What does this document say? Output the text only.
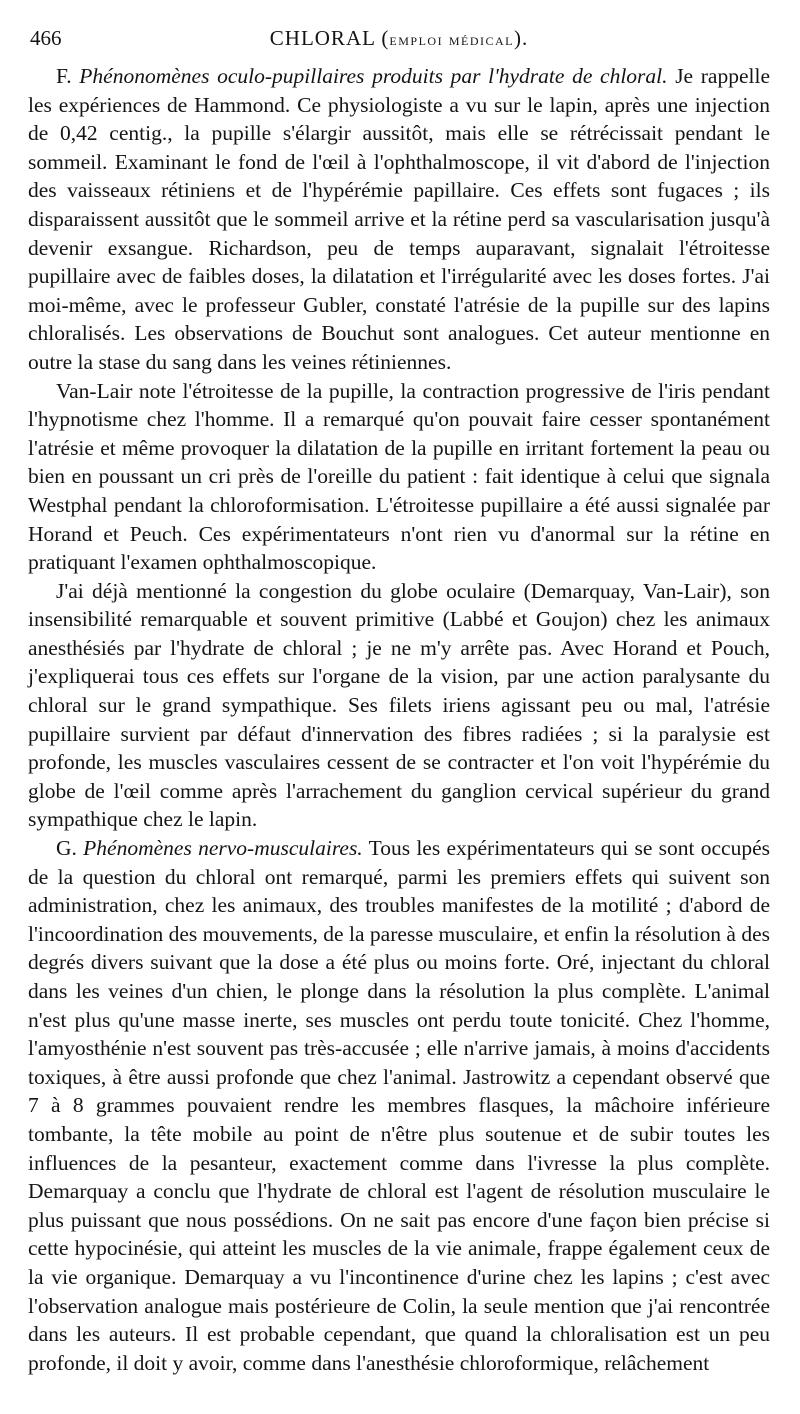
466	CHLORAL (emploi médical).

F. Phénonomènes oculo-pupillaires produits par l'hydrate de chloral. Je rappelle les expériences de Hammond. Ce physiologiste a vu sur le lapin, après une injection de 0,42 centig., la pupille s'élargir aussitôt, mais elle se rétrécissait pendant le sommeil. Examinant le fond de l'œil à l'ophthalmoscope, il vit d'abord de l'injection des vaisseaux rétiniens et de l'hypérémie papillaire. Ces effets sont fugaces ; ils disparaissent aussitôt que le sommeil arrive et la rétine perd sa vascularisation jusqu'à devenir exsangue. Richardson, peu de temps auparavant, signalait l'étroitesse pupillaire avec de faibles doses, la dilatation et l'irrégularité avec les doses fortes. J'ai moi-même, avec le professeur Gubler, constaté l'atrésie de la pupille sur des lapins chloralisés. Les observations de Bouchut sont analogues. Cet auteur mentionne en outre la stase du sang dans les veines rétiniennes.

Van-Lair note l'étroitesse de la pupille, la contraction progressive de l'iris pendant l'hypnotisme chez l'homme. Il a remarqué qu'on pouvait faire cesser spontanément l'atrésie et même provoquer la dilatation de la pupille en irritant fortement la peau ou bien en poussant un cri près de l'oreille du patient : fait identique à celui que signala Westphal pendant la chloroformisation. L'étroitesse pupillaire a été aussi signalée par Horand et Peuch. Ces expérimentateurs n'ont rien vu d'anormal sur la rétine en pratiquant l'examen ophthalmoscopique.

J'ai déjà mentionné la congestion du globe oculaire (Demarquay, Van-Lair), son insensibilité remarquable et souvent primitive (Labbé et Goujon) chez les animaux anesthésiés par l'hydrate de chloral ; je ne m'y arrête pas. Avec Horand et Pouch, j'expliquerai tous ces effets sur l'organe de la vision, par une action paralysante du chloral sur le grand sympathique. Ses filets iriens agissant peu ou mal, l'atrésie pupillaire survient par défaut d'innervation des fibres radiées ; si la paralysie est profonde, les muscles vasculaires cessent de se contracter et l'on voit l'hypérémie du globe de l'œil comme après l'arrachement du ganglion cervical supérieur du grand sympathique chez le lapin.

G. Phénomènes nervo-musculaires. Tous les expérimentateurs qui se sont occupés de la question du chloral ont remarqué, parmi les premiers effets qui suivent son administration, chez les animaux, des troubles manifestes de la motilité ; d'abord de l'incoordination des mouvements, de la paresse musculaire, et enfin la résolution à des degrés divers suivant que la dose a été plus ou moins forte. Oré, injectant du chloral dans les veines d'un chien, le plonge dans la résolution la plus complète. L'animal n'est plus qu'une masse inerte, ses muscles ont perdu toute tonicité. Chez l'homme, l'amyosthénie n'est souvent pas très-accusée ; elle n'arrive jamais, à moins d'accidents toxiques, à être aussi profonde que chez l'animal. Jastrowitz a cependant observé que 7 à 8 grammes pouvaient rendre les membres flasques, la mâchoire inférieure tombante, la tête mobile au point de n'être plus soutenue et de subir toutes les influences de la pesanteur, exactement comme dans l'ivresse la plus complète. Demarquay a conclu que l'hydrate de chloral est l'agent de résolution musculaire le plus puissant que nous possédions. On ne sait pas encore d'une façon bien précise si cette hypocinésie, qui atteint les muscles de la vie animale, frappe également ceux de la vie organique. Demarquay a vu l'incontinence d'urine chez les lapins ; c'est avec l'observation analogue mais postérieure de Colin, la seule mention que j'ai rencontrée dans les auteurs. Il est probable cependant, que quand la chloralisation est un peu profonde, il doit y avoir, comme dans l'anesthésie chloroformique, relâchement
